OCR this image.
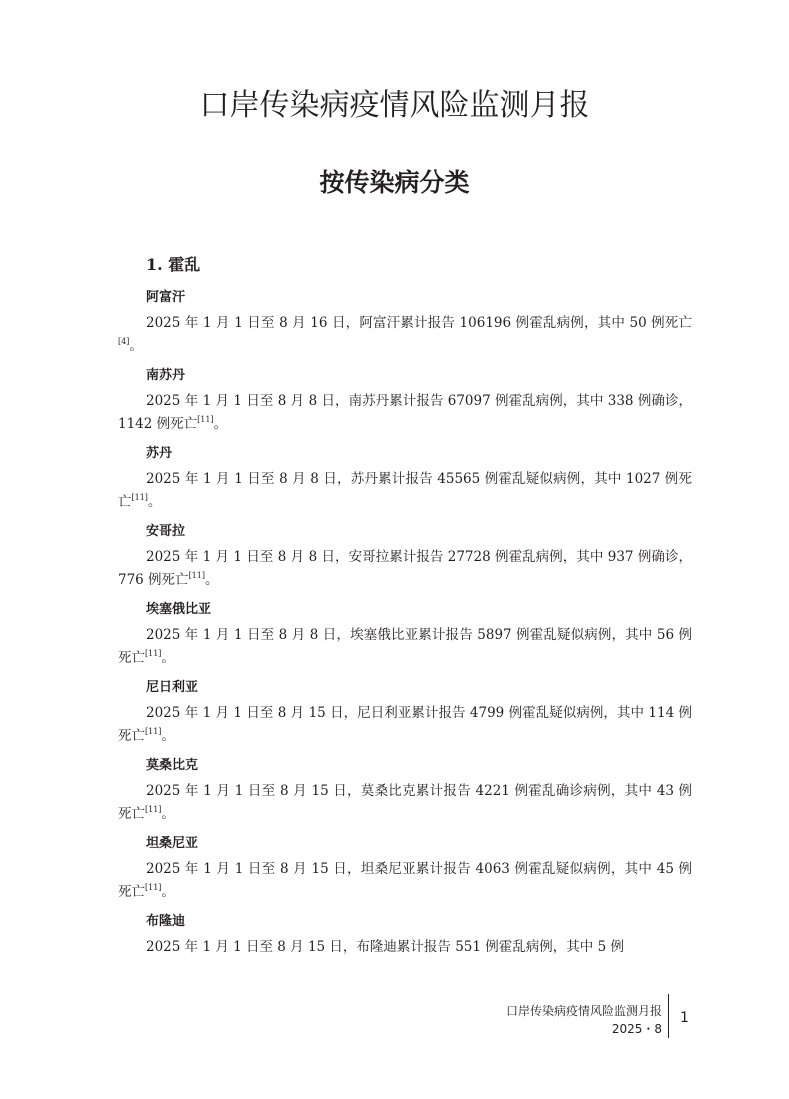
口岸传染病疫情风险监测月报
按传染病分类
1. 霍乱
阿富汗

2025 年 1 月 1 日至 8 月 16 日，阿富汗累计报告 106196 例霍乱病例，其中 50 例死亡[4]。

南苏丹

2025 年 1 月 1 日至 8 月 8 日，南苏丹累计报告 67097 例霍乱病例，其中 338 例确诊，1142 例死亡[11]。

苏丹

2025 年 1 月 1 日至 8 月 8 日，苏丹累计报告 45565 例霍乱疑似病例，其中 1027 例死亡[11]。

安哥拉

2025 年 1 月 1 日至 8 月 8 日，安哥拉累计报告 27728 例霍乱病例，其中 937 例确诊，776 例死亡[11]。

埃塞俄比亚

2025 年 1 月 1 日至 8 月 8 日，埃塞俄比亚累计报告 5897 例霍乱疑似病例，其中 56 例死亡[11]。

尼日利亚

2025 年 1 月 1 日至 8 月 15 日，尼日利亚累计报告 4799 例霍乱疑似病例，其中 114 例死亡[11]。

莫桑比克

2025 年 1 月 1 日至 8 月 15 日，莫桑比克累计报告 4221 例霍乱确诊病例，其中 43 例死亡[11]。

坦桑尼亚

2025 年 1 月 1 日至 8 月 15 日，坦桑尼亚累计报告 4063 例霍乱疑似病例，其中 45 例死亡[11]。

布隆迪

2025 年 1 月 1 日至 8 月 15 日，布隆迪累计报告 551 例霍乱病例，其中 5 例

口岸传染病疫情风险监测月报
2025・8
1
